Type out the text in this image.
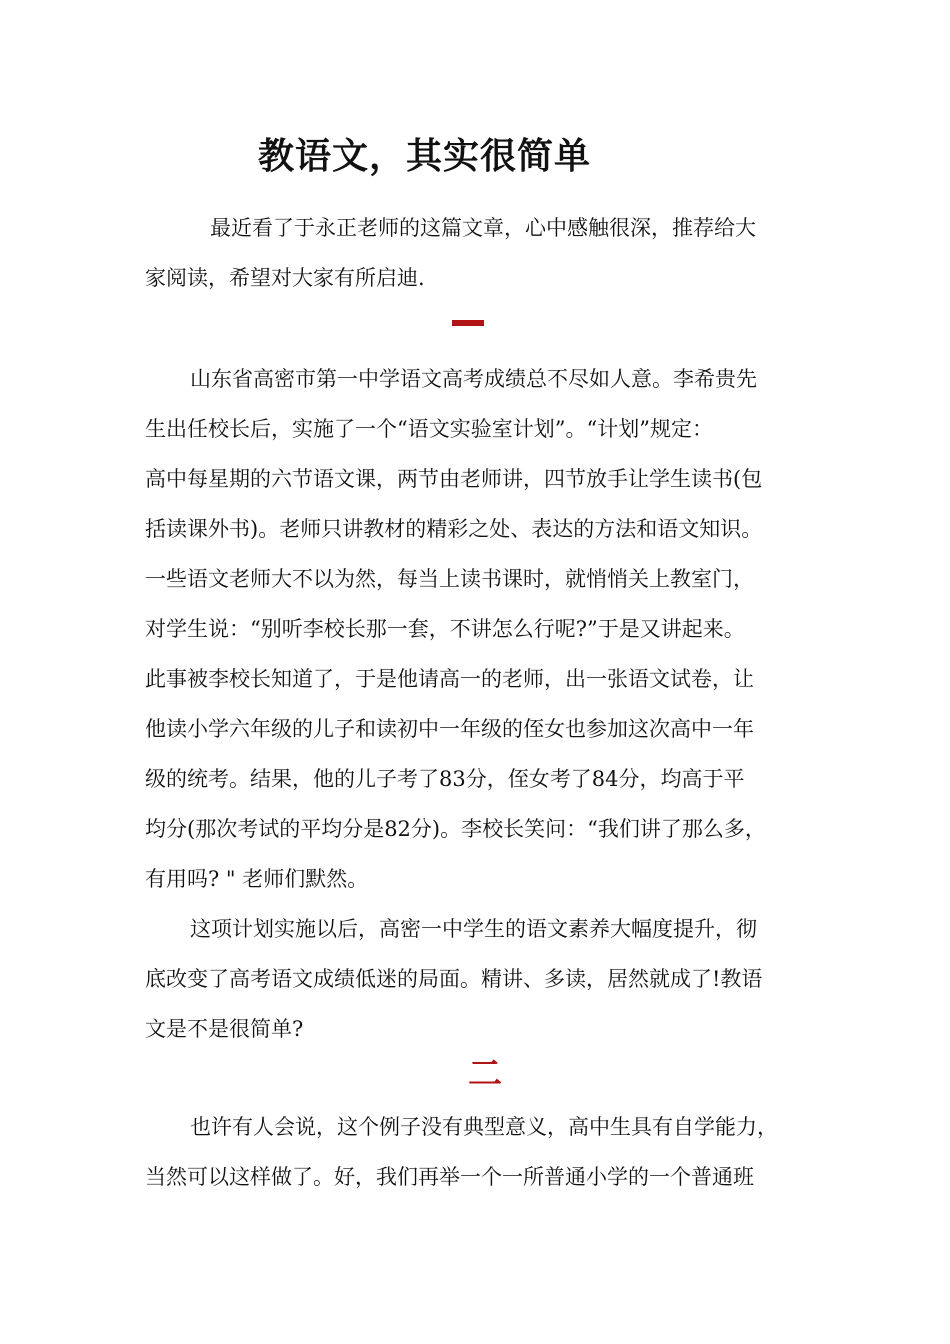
教语文，其实很简单

最近看了于永正老师的这篇文章，心中感触很深，推荐给大

家阅读，希望对大家有所启迪.

山东省高密市第一中学语文高考成绩总不尽如人意。李希贵先

生出任校长后，实施了一个“语文实验室计划”。“计划”规定：

高中每星期的六节语文课，两节由老师讲，四节放手让学生读书(包

括读课外书)。老师只讲教材的精彩之处、表达的方法和语文知识。

一些语文老师大不以为然，每当上读书课时，就悄悄关上教室门，

对学生说：“别听李校长那一套，不讲怎么行呢?”于是又讲起来。

此事被李校长知道了，于是他请高一的老师，出一张语文试卷，让

他读小学六年级的儿子和读初中一年级的侄女也参加这次高中一年

级的统考。结果，他的儿子考了83分，侄女考了84分，均高于平

均分(那次考试的平均分是82分)。李校长笑问：“我们讲了那么多，

有用吗? " 老师们默然。

这项计划实施以后，高密一中学生的语文素养大幅度提升，彻

底改变了高考语文成绩低迷的局面。精讲、多读，居然就成了!教语

文是不是很简单?

二

也许有人会说，这个例子没有典型意义，高中生具有自学能力，

当然可以这样做了。好，我们再举一个一所普通小学的一个普通班
